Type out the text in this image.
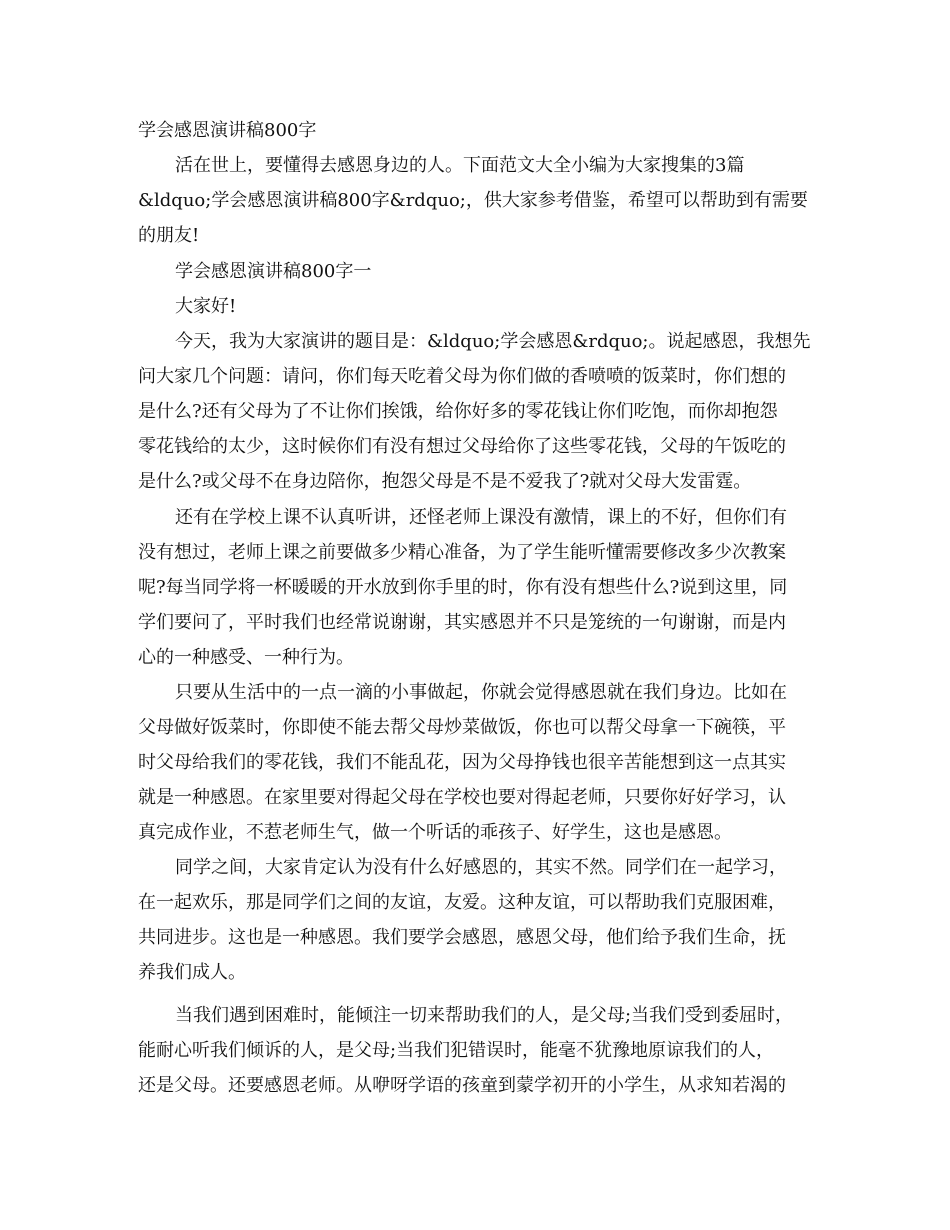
学会感恩演讲稿800字

活在世上，要懂得去感恩身边的人。下面范文大全小编为大家搜集的3篇

&ldquo;学会感恩演讲稿800字&rdquo;，供大家参考借鉴，希望可以帮助到有需要

的朋友!

学会感恩演讲稿800字一

大家好!

今天，我为大家演讲的题目是：&ldquo;学会感恩&rdquo;。说起感恩，我想先

问大家几个问题：请问，你们每天吃着父母为你们做的香喷喷的饭菜时，你们想的

是什么?还有父母为了不让你们挨饿，给你好多的零花钱让你们吃饱，而你却抱怨

零花钱给的太少，这时候你们有没有想过父母给你了这些零花钱，父母的午饭吃的

是什么?或父母不在身边陪你，抱怨父母是不是不爱我了?就对父母大发雷霆。

还有在学校上课不认真听讲，还怪老师上课没有激情，课上的不好，但你们有

没有想过，老师上课之前要做多少精心准备，为了学生能听懂需要修改多少次教案

呢?每当同学将一杯暖暖的开水放到你手里的时，你有没有想些什么?说到这里，同

学们要问了，平时我们也经常说谢谢，其实感恩并不只是笼统的一句谢谢，而是内

心的一种感受、一种行为。

只要从生活中的一点一滴的小事做起，你就会觉得感恩就在我们身边。比如在

父母做好饭菜时，你即使不能去帮父母炒菜做饭，你也可以帮父母拿一下碗筷，平

时父母给我们的零花钱，我们不能乱花，因为父母挣钱也很辛苦能想到这一点其实

就是一种感恩。在家里要对得起父母在学校也要对得起老师，只要你好好学习，认

真完成作业，不惹老师生气，做一个听话的乖孩子、好学生，这也是感恩。

同学之间，大家肯定认为没有什么好感恩的，其实不然。同学们在一起学习，

在一起欢乐，那是同学们之间的友谊，友爱。这种友谊，可以帮助我们克服困难，

共同进步。这也是一种感恩。我们要学会感恩，感恩父母，他们给予我们生命，抚

养我们成人。

当我们遇到困难时，能倾注一切来帮助我们的人，是父母;当我们受到委屈时，

能耐心听我们倾诉的人，是父母;当我们犯错误时，能毫不犹豫地原谅我们的人，

还是父母。还要感恩老师。从咿呀学语的孩童到蒙学初开的小学生，从求知若渴的
